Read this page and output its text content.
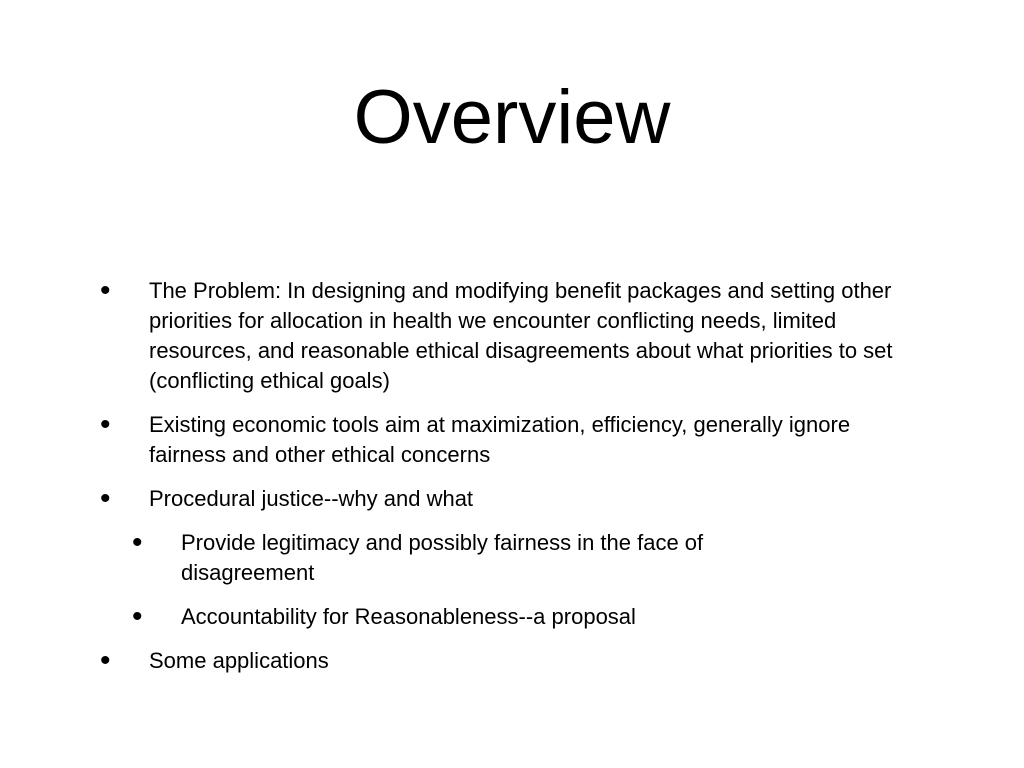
Overview
• The Problem: In designing and modifying benefit packages and setting other priorities for allocation in health we encounter conflicting needs, limited resources, and reasonable ethical disagreements about what priorities to set (conflicting ethical goals)
• Existing economic tools aim at maximization, efficiency, generally ignore fairness and other ethical concerns
• Procedural justice--why and what
• Provide legitimacy and possibly fairness in the face of disagreement
• Accountability for Reasonableness--a proposal
• Some applications
